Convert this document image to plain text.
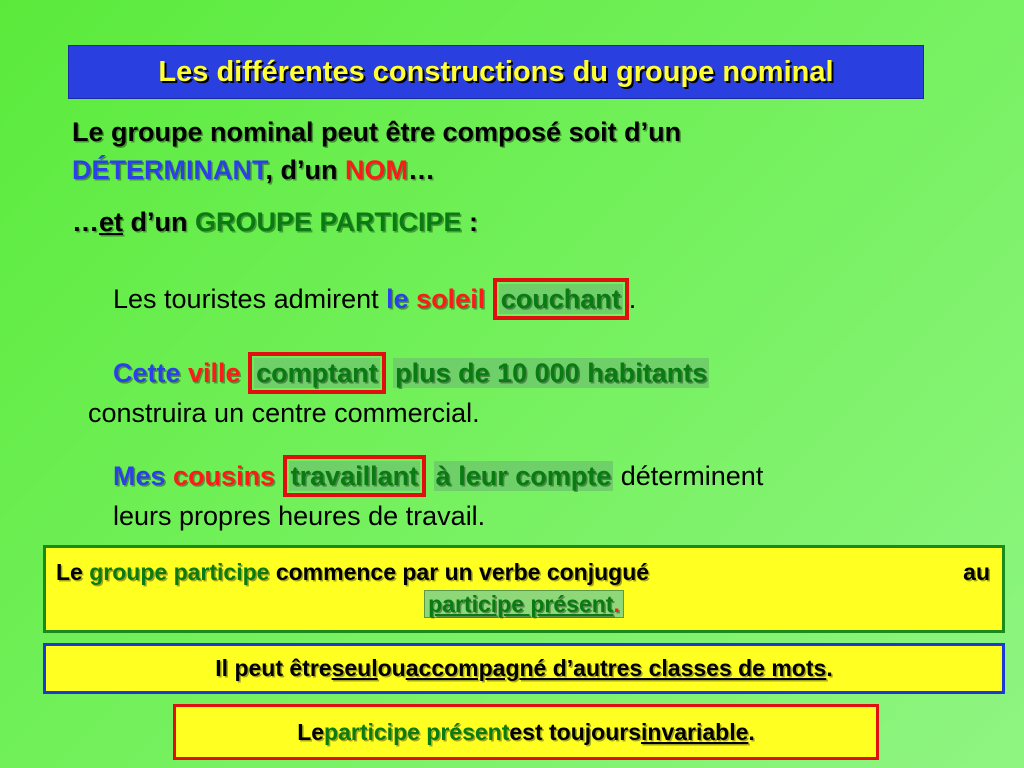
Les différentes constructions du groupe nominal
Le groupe nominal peut être composé soit d’un
DÉTERMINANT, d’un NOM…
…et d’un GROUPE PARTICIPE :
Les touristes admirent le soleil couchant .
Cette ville comptant plus de 10 000 habitants
construira un centre commercial.
Mes cousins travaillant à leur compte déterminent
leurs propres heures de travail.
Le groupe participe commence par un verbe conjugué	au
participe présent.
Il peut être seul ou accompagné d’autres classes de mots .
Le participe présent est toujours invariable .
